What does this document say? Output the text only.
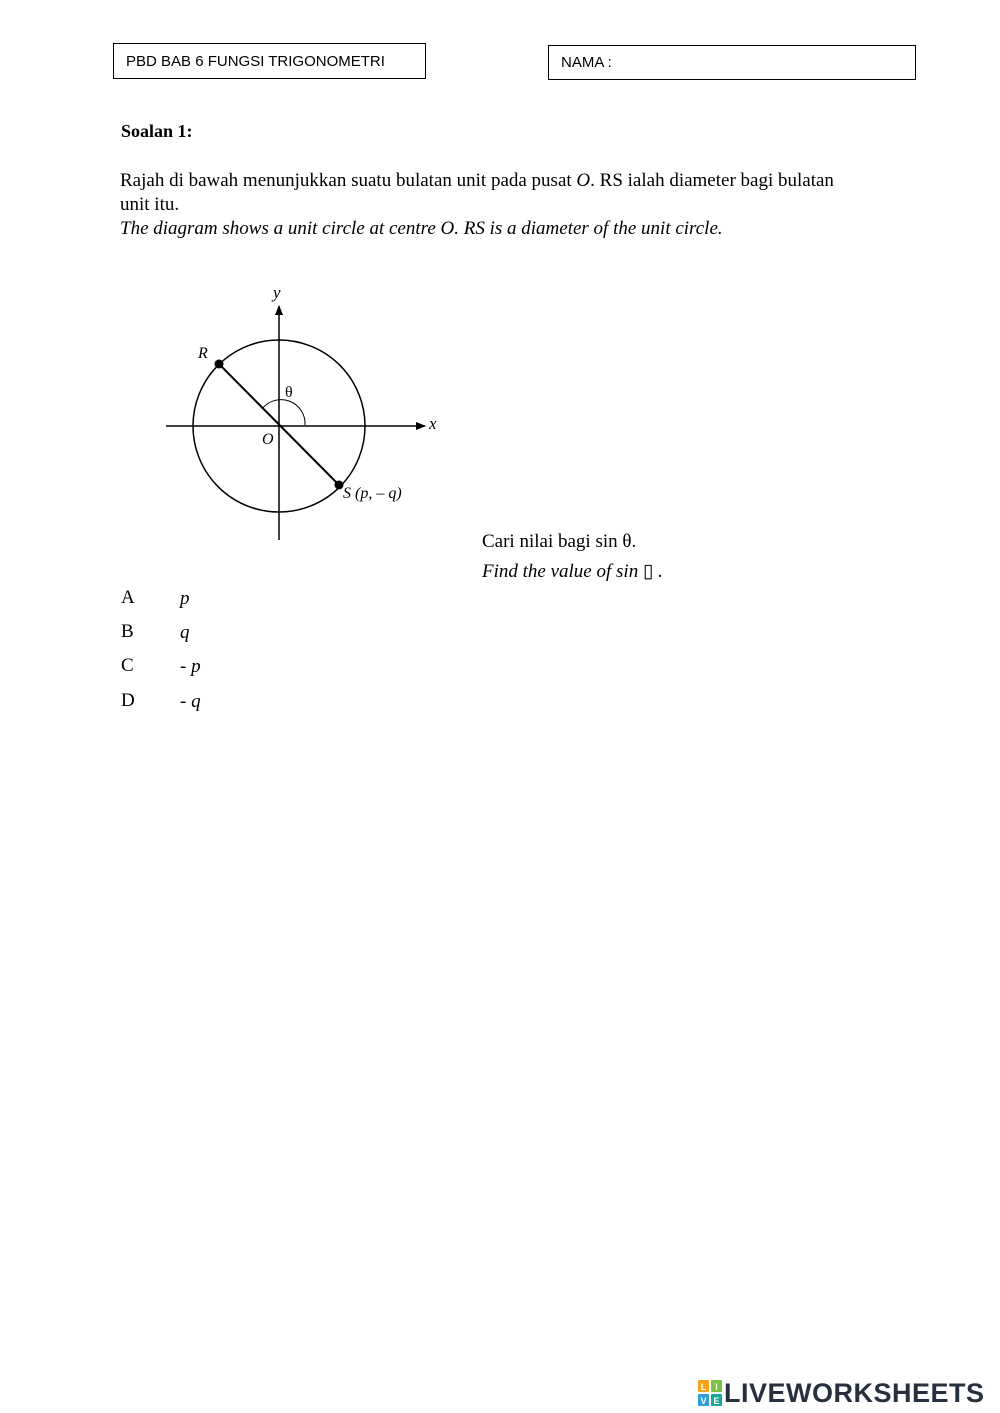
PBD BAB 6 FUNGSI TRIGONOMETRI	NAMA :
Soalan 1:
Rajah di bawah menunjukkan suatu bulatan unit pada pusat O. RS ialah diameter bagi bulatan
unit itu.
The diagram shows a unit circle at centre O. RS is a diameter of the unit circle.
y
x
O
R
S (p, – q)
θ
Cari nilai bagi sin θ.
Find the value of sin ▯ .
A p
B q
C - p
D - q
L I
V E LIVEWORKSHEETS
